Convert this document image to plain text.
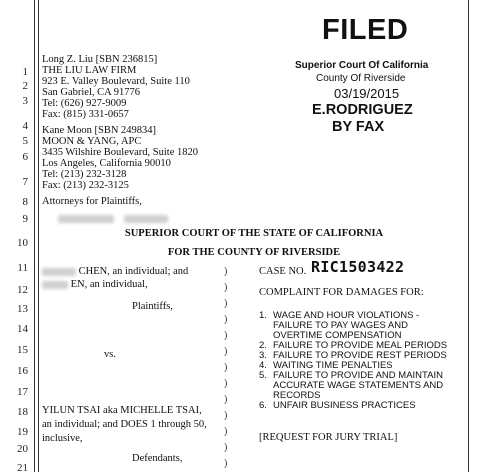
1
2
3
4
5
6
7
8
9
10
11
12
13
14
15
16
17
18
19
20
21
FILED
Superior Court Of California
County Of Riverside
03/19/2015
E.RODRIGUEZ
BY FAX
Long Z. Liu [SBN 236815]
THE LIU LAW FIRM
923 E. Valley Boulevard, Suite 110
San Gabriel, CA 91776
Tel: (626) 927-9009
Fax: (815) 331-0657
Kane Moon [SBN 249834]
MOON & YANG, APC
3435 Wilshire Boulevard, Suite 1820
Los Angeles, California 90010
Tel: (213) 232-3128
Fax: (213) 232-3125
Attorneys for Plaintiffs,

SUPERIOR COURT OF THE STATE OF CALIFORNIA
FOR THE COUNTY OF RIVERSIDE
CHEN, an individual; and
EN, an individual,
Plaintiffs,
vs.
YILUN TSAI aka MICHELLE TSAI,
an individual; and DOES 1 through 50,
inclusive,
Defendants,
)
)
)
)
)
)
)
)
)
)
)
)
)
CASE NO. RIC1503422
COMPLAINT FOR DAMAGES FOR:
1. WAGE AND HOUR VIOLATIONS -
FAILURE TO PAY WAGES AND
OVERTIME COMPENSATION
2. FAILURE TO PROVIDE MEAL PERIODS
3. FAILURE TO PROVIDE REST PERIODS
4. WAITING TIME PENALTIES
5. FAILURE TO PROVIDE AND MAINTAIN
ACCURATE WAGE STATEMENTS AND
RECORDS
6. UNFAIR BUSINESS PRACTICES
[REQUEST FOR JURY TRIAL]
